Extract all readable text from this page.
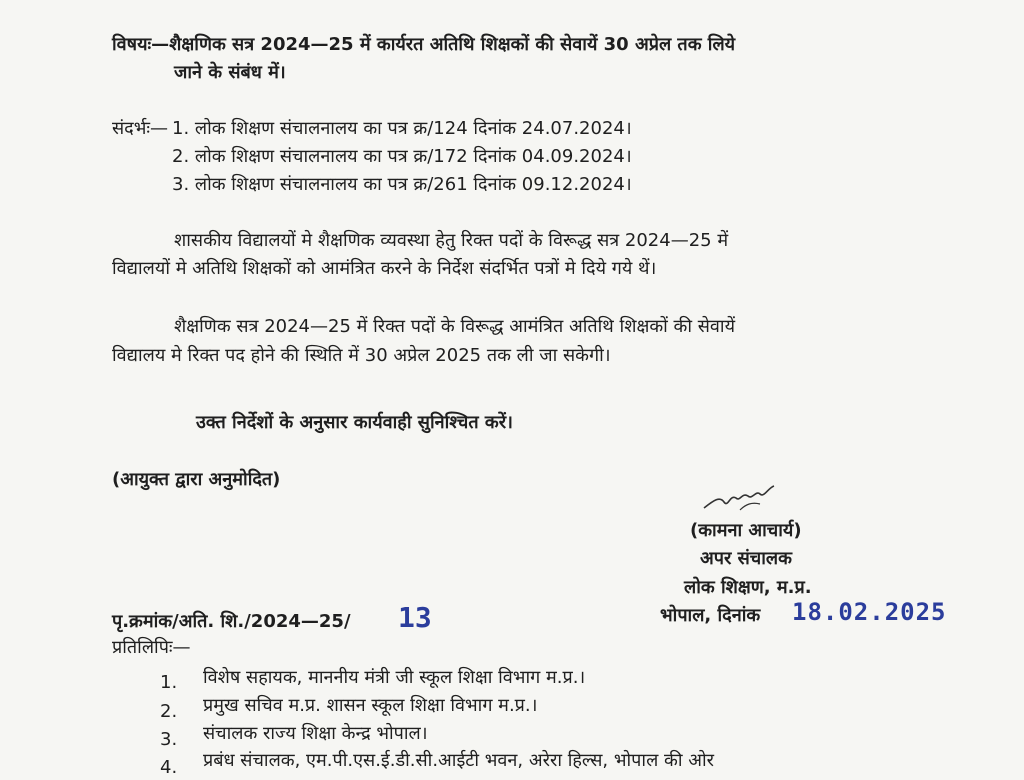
विषयः—शैक्षणिक सत्र 2024—25 में कार्यरत अतिथि शिक्षकों की सेवायें 30 अप्रेल तक लिये
जाने के संबंध में।
संदर्भः— 1. लोक शिक्षण संचालनालय का पत्र क्र/124 दिनांक 24.07.2024।
2. लोक शिक्षण संचालनालय का पत्र क्र/172 दिनांक 04.09.2024।
3. लोक शिक्षण संचालनालय का पत्र क्र/261 दिनांक 09.12.2024।
शासकीय विद्यालयों मे शैक्षणिक व्यवस्था हेतु रिक्त पदों के विरूद्ध सत्र 2024—25 में
विद्यालयों मे अतिथि शिक्षकों को आमंत्रित करने के निर्देश संदर्भित पत्रों मे दिये गये थें।
शैक्षणिक सत्र 2024—25 में रिक्त पदों के विरूद्ध आमंत्रित अतिथि शिक्षकों की सेवायें
विद्यालय मे रिक्त पद होने की स्थिति में 30 अप्रेल 2025 तक ली जा सकेगी।
उक्त निर्देशों के अनुसार कार्यवाही सुनिश्चित करें।
(आयुक्त द्वारा अनुमोदित)
(कामना आचार्य)
अपर संचालक
लोक शिक्षण, म.प्र.
भोपाल, दिनांक 18.02.2025
पृ.क्रमांक/अति. शि./2024—25/ 13
प्रतिलिपिः—
1. विशेष सहायक, माननीय मंत्री जी स्कूल शिक्षा विभाग म.प्र.।
2. प्रमुख सचिव म.प्र. शासन स्कूल शिक्षा विभाग म.प्र.।
3. संचालक राज्य शिक्षा केन्द्र भोपाल।
4. प्रबंध संचालक, एम.पी.एस.ई.डी.सी.आईटी भवन, अरेरा हिल्स, भोपाल की ओर
